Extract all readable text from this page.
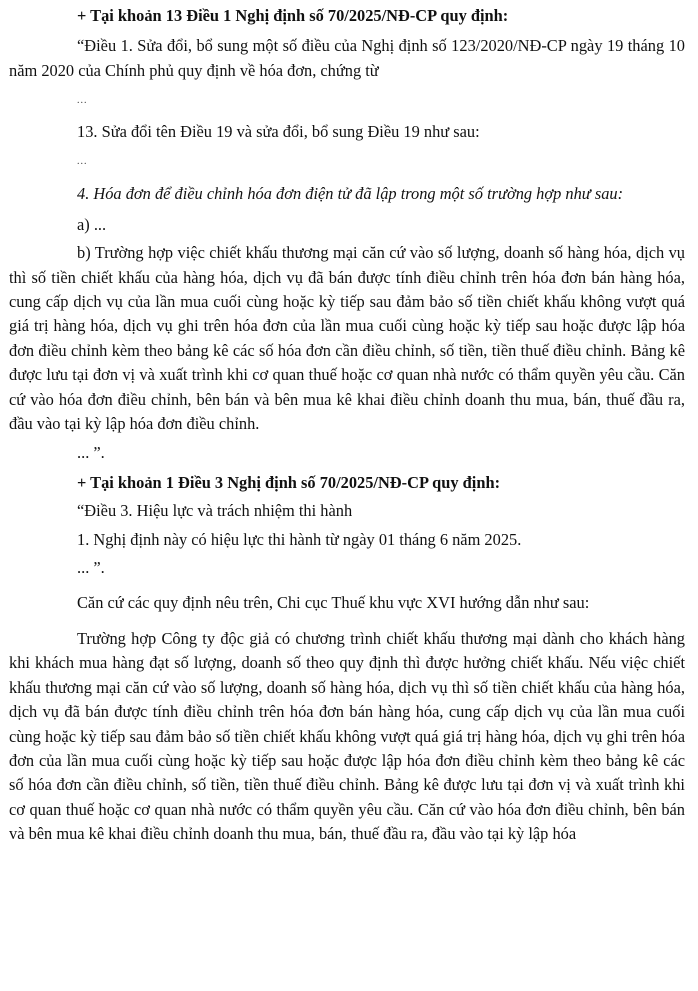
+ Tại khoản 13 Điều 1 Nghị định số 70/2025/NĐ-CP quy định:

“Điều 1. Sửa đổi, bổ sung một số điều của Nghị định số 123/2020/NĐ-CP ngày 19 tháng 10 năm 2020 của Chính phủ quy định về hóa đơn, chứng từ

...

13. Sửa đổi tên Điều 19 và sửa đổi, bổ sung Điều 19 như sau:

...

4. Hóa đơn để điều chỉnh hóa đơn điện tử đã lập trong một số trường hợp như sau:

a) ...

b) Trường hợp việc chiết khấu thương mại căn cứ vào số lượng, doanh số hàng hóa, dịch vụ thì số tiền chiết khấu của hàng hóa, dịch vụ đã bán được tính điều chỉnh trên hóa đơn bán hàng hóa, cung cấp dịch vụ của lần mua cuối cùng hoặc kỳ tiếp sau đảm bảo số tiền chiết khấu không vượt quá giá trị hàng hóa, dịch vụ ghi trên hóa đơn của lần mua cuối cùng hoặc kỳ tiếp sau hoặc được lập hóa đơn điều chỉnh kèm theo bảng kê các số hóa đơn cần điều chỉnh, số tiền, tiền thuế điều chỉnh. Bảng kê được lưu tại đơn vị và xuất trình khi cơ quan thuế hoặc cơ quan nhà nước có thẩm quyền yêu cầu. Căn cứ vào hóa đơn điều chỉnh, bên bán và bên mua kê khai điều chỉnh doanh thu mua, bán, thuế đầu ra, đầu vào tại kỳ lập hóa đơn điều chỉnh.

... ”.

+ Tại khoản 1 Điều 3 Nghị định số 70/2025/NĐ-CP quy định:

“Điều 3. Hiệu lực và trách nhiệm thi hành

1. Nghị định này có hiệu lực thi hành từ ngày 01 tháng 6 năm 2025.

... ”.

Căn cứ các quy định nêu trên, Chi cục Thuế khu vực XVI hướng dẫn như sau:

Trường hợp Công ty độc giả có chương trình chiết khấu thương mại dành cho khách hàng khi khách mua hàng đạt số lượng, doanh số theo quy định thì được hưởng chiết khấu. Nếu việc chiết khấu thương mại căn cứ vào số lượng, doanh số hàng hóa, dịch vụ thì số tiền chiết khấu của hàng hóa, dịch vụ đã bán được tính điều chỉnh trên hóa đơn bán hàng hóa, cung cấp dịch vụ của lần mua cuối cùng hoặc kỳ tiếp sau đảm bảo số tiền chiết khấu không vượt quá giá trị hàng hóa, dịch vụ ghi trên hóa đơn của lần mua cuối cùng hoặc kỳ tiếp sau hoặc được lập hóa đơn điều chỉnh kèm theo bảng kê các số hóa đơn cần điều chỉnh, số tiền, tiền thuế điều chỉnh. Bảng kê được lưu tại đơn vị và xuất trình khi cơ quan thuế hoặc cơ quan nhà nước có thẩm quyền yêu cầu. Căn cứ vào hóa đơn điều chỉnh, bên bán và bên mua kê khai điều chỉnh doanh thu mua, bán, thuế đầu ra, đầu vào tại kỳ lập hóa
